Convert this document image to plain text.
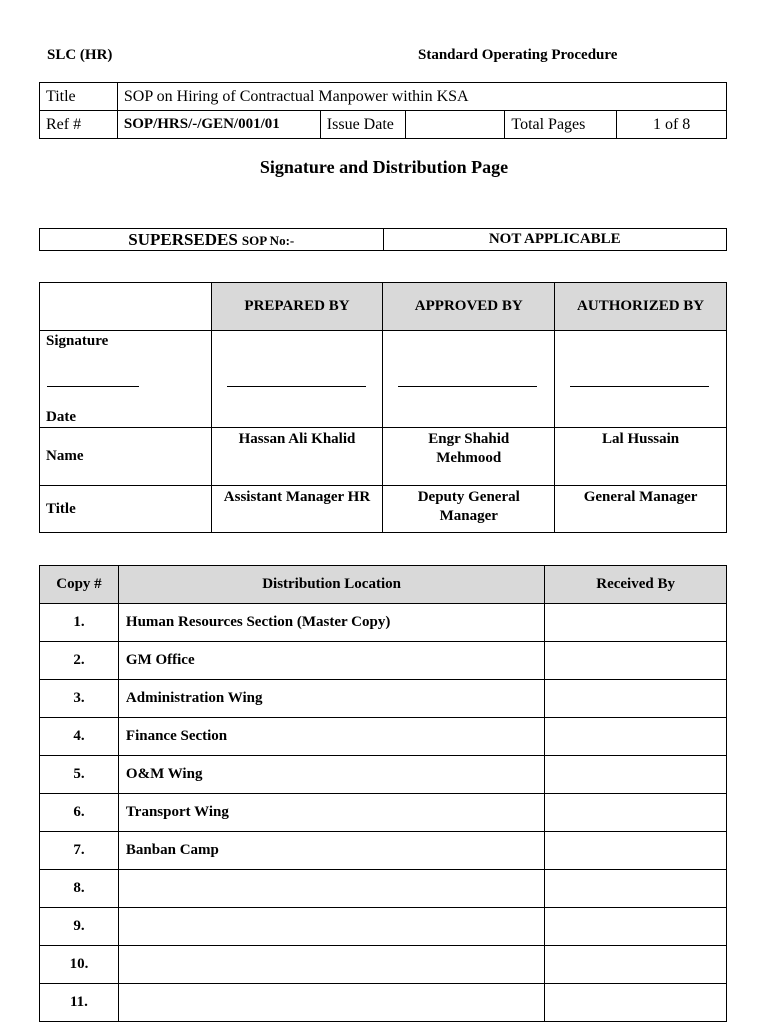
SLC (HR)	Standard Operating Procedure
Title	SOP on Hiring of Contractual Manpower within KSA				
Ref #	SOP/HRS/-/GEN/001/01	Issue Date		Total Pages	1 of 8
Signature and Distribution Page
SUPERSEDES SOP No:-	NOT APPLICABLE
	PREPARED BY	APPROVED BY	AUTHORIZED BY

Signature
Date			

Name	Hassan Ali Khalid	Engr Shahid Mehmood	Lal Hussain
Title	Assistant Manager HR	Deputy General Manager	General Manager
Copy #	Distribution Location	Received By
1.	Human Resources Section (Master Copy)	
2.	GM Office	
3.	Administration Wing	
4.	Finance Section	
5.	O&M Wing	
6.	Transport Wing	
7.	Banban Camp	
8.		
9.		
10.		
11.		
